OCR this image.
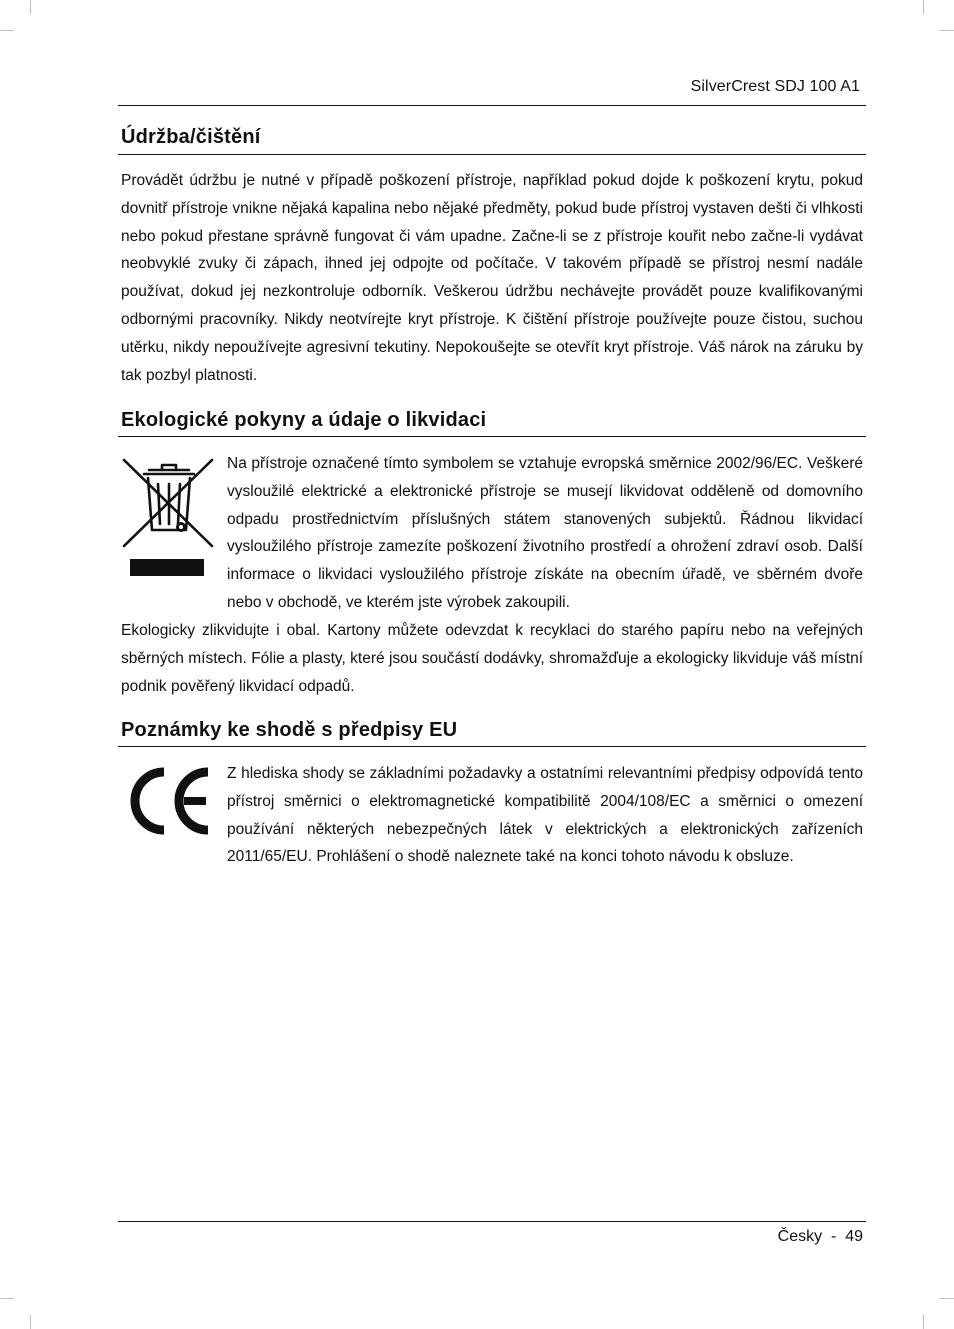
SilverCrest SDJ 100 A1
Údržba/čištění

Provádět údržbu je nutné v případě poškození přístroje, například pokud dojde k poškození krytu, pokud dovnitř přístroje vnikne nějaká kapalina nebo nějaké předměty, pokud bude přístroj vystaven dešti či vlhkosti nebo pokud přestane správně fungovat či vám upadne. Začne-li se z přístroje kouřit nebo začne-li vydávat neobvyklé zvuky či zápach, ihned jej odpojte od počítače. V takovém případě se přístroj nesmí nadále používat, dokud jej nezkontroluje odborník. Veškerou údržbu nechávejte provádět pouze kvalifikovanými odbornými pracovníky. Nikdy neotvírejte kryt přístroje. K čištění přístroje používejte pouze čistou, suchou utěrku, nikdy nepoužívejte agresivní tekutiny. Nepokoušejte se otevřít kryt přístroje. Váš nárok na záruku by tak pozbyl platnosti.

Ekologické pokyny a údaje o likvidaci

Na přístroje označené tímto symbolem se vztahuje evropská směrnice 2002/96/EC. Veškeré vysloužilé elektrické a elektronické přístroje se musejí likvidovat odděleně od domovního odpadu prostřednictvím příslušných státem stanovených subjektů. Řádnou likvidací vysloužilého přístroje zamezíte poškození životního prostředí a ohrožení zdraví osob. Další informace o likvidaci vysloužilého přístroje získáte na obecním úřadě, ve sběrném dvoře nebo v obchodě, ve kterém jste výrobek zakoupili.

Ekologicky zlikvidujte i obal. Kartony můžete odevzdat k recyklaci do starého papíru nebo na veřejných sběrných místech. Fólie a plasty, které jsou součástí dodávky, shromažďuje a ekologicky likviduje váš místní podnik pověřený likvidací odpadů.

Poznámky ke shodě s předpisy EU

Z hlediska shody se základními požadavky a ostatními relevantními předpisy odpovídá tento přístroj směrnici o elektromagnetické kompatibilitě 2004/108/EC a směrnici o omezení používání některých nebezpečných látek v elektrických a elektronických zařízeních 2011/65/EU. Prohlášení o shodě naleznete také na konci tohoto návodu k obsluze.

Česky  -  49
